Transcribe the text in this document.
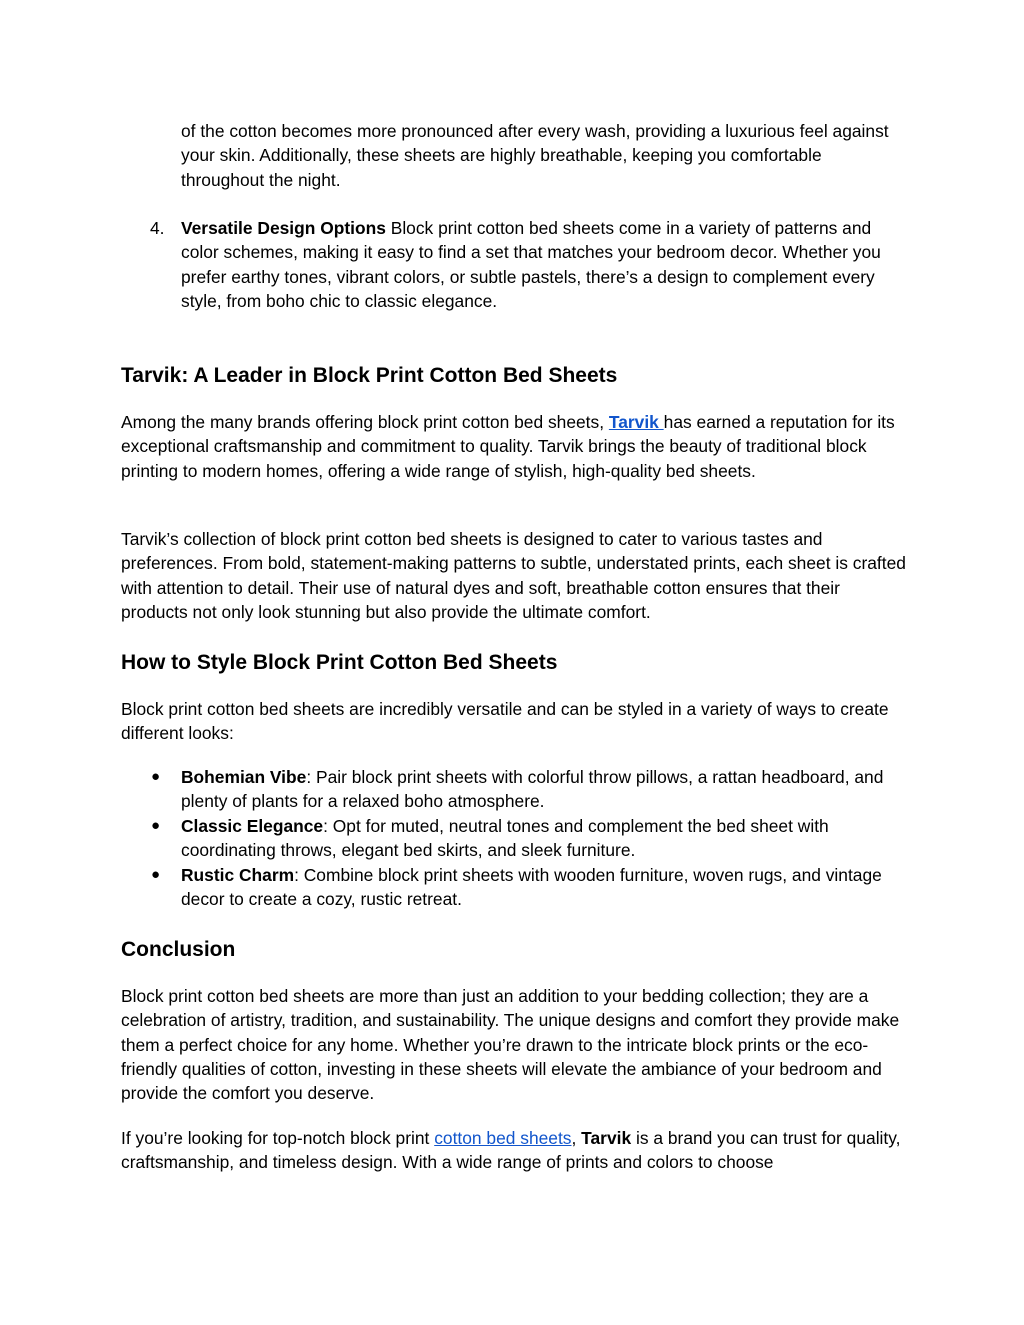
of the cotton becomes more pronounced after every wash, providing a luxurious feel against your skin. Additionally, these sheets are highly breathable, keeping you comfortable throughout the night.

4. Versatile Design Options Block print cotton bed sheets come in a variety of patterns and color schemes, making it easy to find a set that matches your bedroom decor. Whether you prefer earthy tones, vibrant colors, or subtle pastels, there’s a design to complement every style, from boho chic to classic elegance.

Tarvik: A Leader in Block Print Cotton Bed Sheets

Among the many brands offering block print cotton bed sheets, Tarvik has earned a reputation for its exceptional craftsmanship and commitment to quality. Tarvik brings the beauty of traditional block printing to modern homes, offering a wide range of stylish, high-quality bed sheets.

Tarvik’s collection of block print cotton bed sheets is designed to cater to various tastes and preferences. From bold, statement-making patterns to subtle, understated prints, each sheet is crafted with attention to detail. Their use of natural dyes and soft, breathable cotton ensures that their products not only look stunning but also provide the ultimate comfort.

How to Style Block Print Cotton Bed Sheets

Block print cotton bed sheets are incredibly versatile and can be styled in a variety of ways to create different looks:

● Bohemian Vibe: Pair block print sheets with colorful throw pillows, a rattan headboard, and plenty of plants for a relaxed boho atmosphere.

● Classic Elegance: Opt for muted, neutral tones and complement the bed sheet with coordinating throws, elegant bed skirts, and sleek furniture.

● Rustic Charm: Combine block print sheets with wooden furniture, woven rugs, and vintage decor to create a cozy, rustic retreat.

Conclusion

Block print cotton bed sheets are more than just an addition to your bedding collection; they are a celebration of artistry, tradition, and sustainability. The unique designs and comfort they provide make them a perfect choice for any home. Whether you’re drawn to the intricate block prints or the eco-friendly qualities of cotton, investing in these sheets will elevate the ambiance of your bedroom and provide the comfort you deserve.

If you’re looking for top-notch block print cotton bed sheets, Tarvik is a brand you can trust for quality, craftsmanship, and timeless design. With a wide range of prints and colors to choose
